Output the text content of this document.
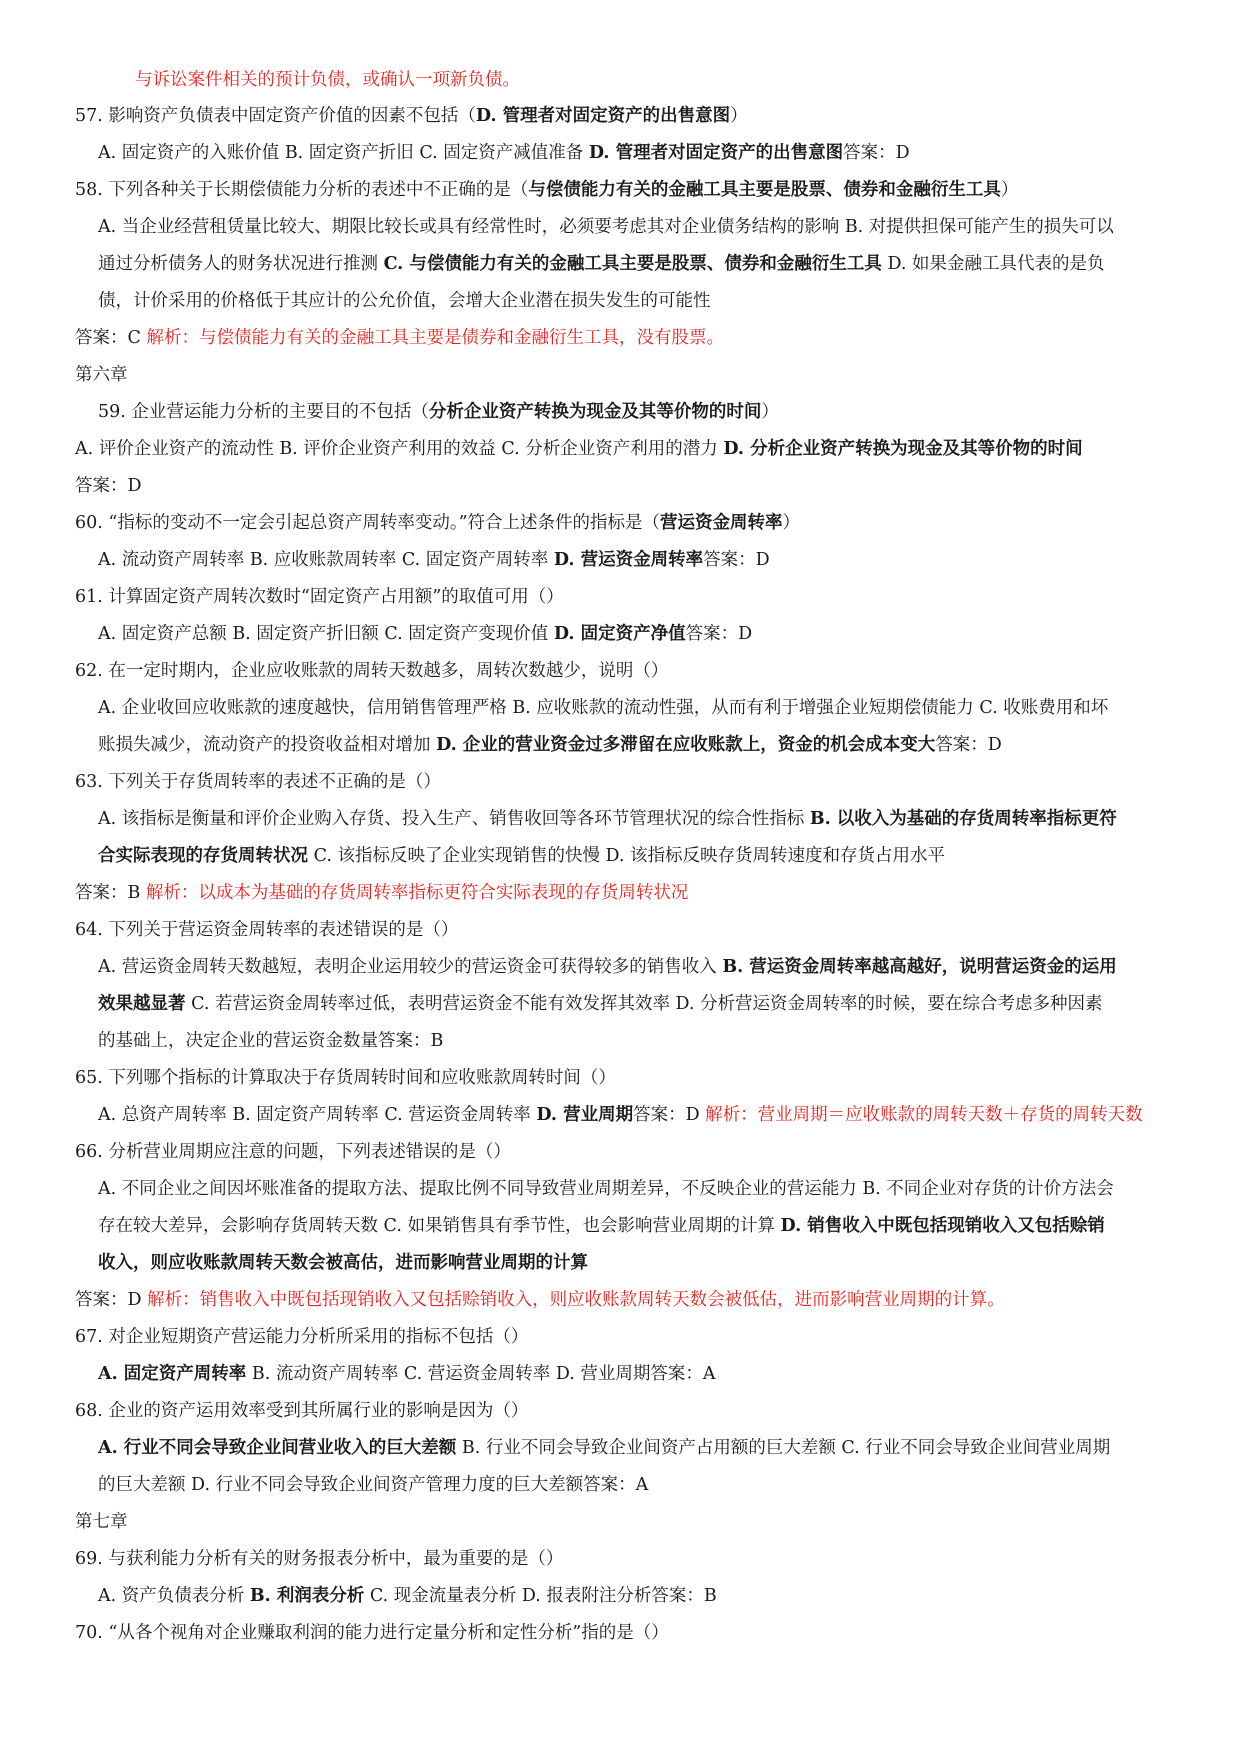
与诉讼案件相关的预计负债，或确认一项新负债。
57. 影响资产负债表中固定资产价值的因素不包括（D. 管理者对固定资产的出售意图）
A. 固定资产的入账价值 B. 固定资产折旧 C. 固定资产减值准备 D. 管理者对固定资产的出售意图答案：D
58. 下列各种关于长期偿债能力分析的表述中不正确的是（与偿债能力有关的金融工具主要是股票、债券和金融衍生工具）
A. 当企业经营租赁量比较大、期限比较长或具有经常性时，必须要考虑其对企业债务结构的影响 B. 对提供担保可能产生的损失可以
通过分析债务人的财务状况进行推测 C. 与偿债能力有关的金融工具主要是股票、债券和金融衍生工具 D. 如果金融工具代表的是负
债，计价采用的价格低于其应计的公允价值，会增大企业潜在损失发生的可能性
答案：C 解析：与偿债能力有关的金融工具主要是债券和金融衍生工具，没有股票。
第六章
59. 企业营运能力分析的主要目的不包括（分析企业资产转换为现金及其等价物的时间）
A. 评价企业资产的流动性 B. 评价企业资产利用的效益 C. 分析企业资产利用的潜力 D. 分析企业资产转换为现金及其等价物的时间
答案：D
60. “指标的变动不一定会引起总资产周转率变动。”符合上述条件的指标是（营运资金周转率）
A. 流动资产周转率 B. 应收账款周转率 C. 固定资产周转率 D. 营运资金周转率答案：D
61. 计算固定资产周转次数时“固定资产占用额”的取值可用（）
A. 固定资产总额 B. 固定资产折旧额 C. 固定资产变现价值 D. 固定资产净值答案：D
62. 在一定时期内，企业应收账款的周转天数越多，周转次数越少，说明（）
A. 企业收回应收账款的速度越快，信用销售管理严格 B. 应收账款的流动性强，从而有利于增强企业短期偿债能力 C. 收账费用和坏
账损失减少，流动资产的投资收益相对增加 D. 企业的营业资金过多滞留在应收账款上，资金的机会成本变大答案：D
63. 下列关于存货周转率的表述不正确的是（）
A. 该指标是衡量和评价企业购入存货、投入生产、销售收回等各环节管理状况的综合性指标 B. 以收入为基础的存货周转率指标更符
合实际表现的存货周转状况 C. 该指标反映了企业实现销售的快慢 D. 该指标反映存货周转速度和存货占用水平
答案：B 解析：以成本为基础的存货周转率指标更符合实际表现的存货周转状况
64. 下列关于营运资金周转率的表述错误的是（）
A. 营运资金周转天数越短，表明企业运用较少的营运资金可获得较多的销售收入 B. 营运资金周转率越高越好，说明营运资金的运用
效果越显著 C. 若营运资金周转率过低，表明营运资金不能有效发挥其效率 D. 分析营运资金周转率的时候，要在综合考虑多种因素
的基础上，决定企业的营运资金数量答案：B
65. 下列哪个指标的计算取决于存货周转时间和应收账款周转时间（）
A. 总资产周转率 B. 固定资产周转率 C. 营运资金周转率 D. 营业周期答案：D 解析：营业周期＝应收账款的周转天数＋存货的周转天数
66. 分析营业周期应注意的问题，下列表述错误的是（）
A. 不同企业之间因坏账准备的提取方法、提取比例不同导致营业周期差异，不反映企业的营运能力 B. 不同企业对存货的计价方法会
存在较大差异，会影响存货周转天数 C. 如果销售具有季节性，也会影响营业周期的计算 D. 销售收入中既包括现销收入又包括赊销
收入，则应收账款周转天数会被高估，进而影响营业周期的计算
答案：D 解析：销售收入中既包括现销收入又包括赊销收入，则应收账款周转天数会被低估，进而影响营业周期的计算。
67. 对企业短期资产营运能力分析所采用的指标不包括（）
A. 固定资产周转率 B. 流动资产周转率 C. 营运资金周转率 D. 营业周期答案：A
68. 企业的资产运用效率受到其所属行业的影响是因为（）
A. 行业不同会导致企业间营业收入的巨大差额 B. 行业不同会导致企业间资产占用额的巨大差额 C. 行业不同会导致企业间营业周期
的巨大差额 D. 行业不同会导致企业间资产管理力度的巨大差额答案：A
第七章
69. 与获利能力分析有关的财务报表分析中，最为重要的是（）
A. 资产负债表分析 B. 利润表分析 C. 现金流量表分析 D. 报表附注分析答案：B
70. “从各个视角对企业赚取利润的能力进行定量分析和定性分析”指的是（）
